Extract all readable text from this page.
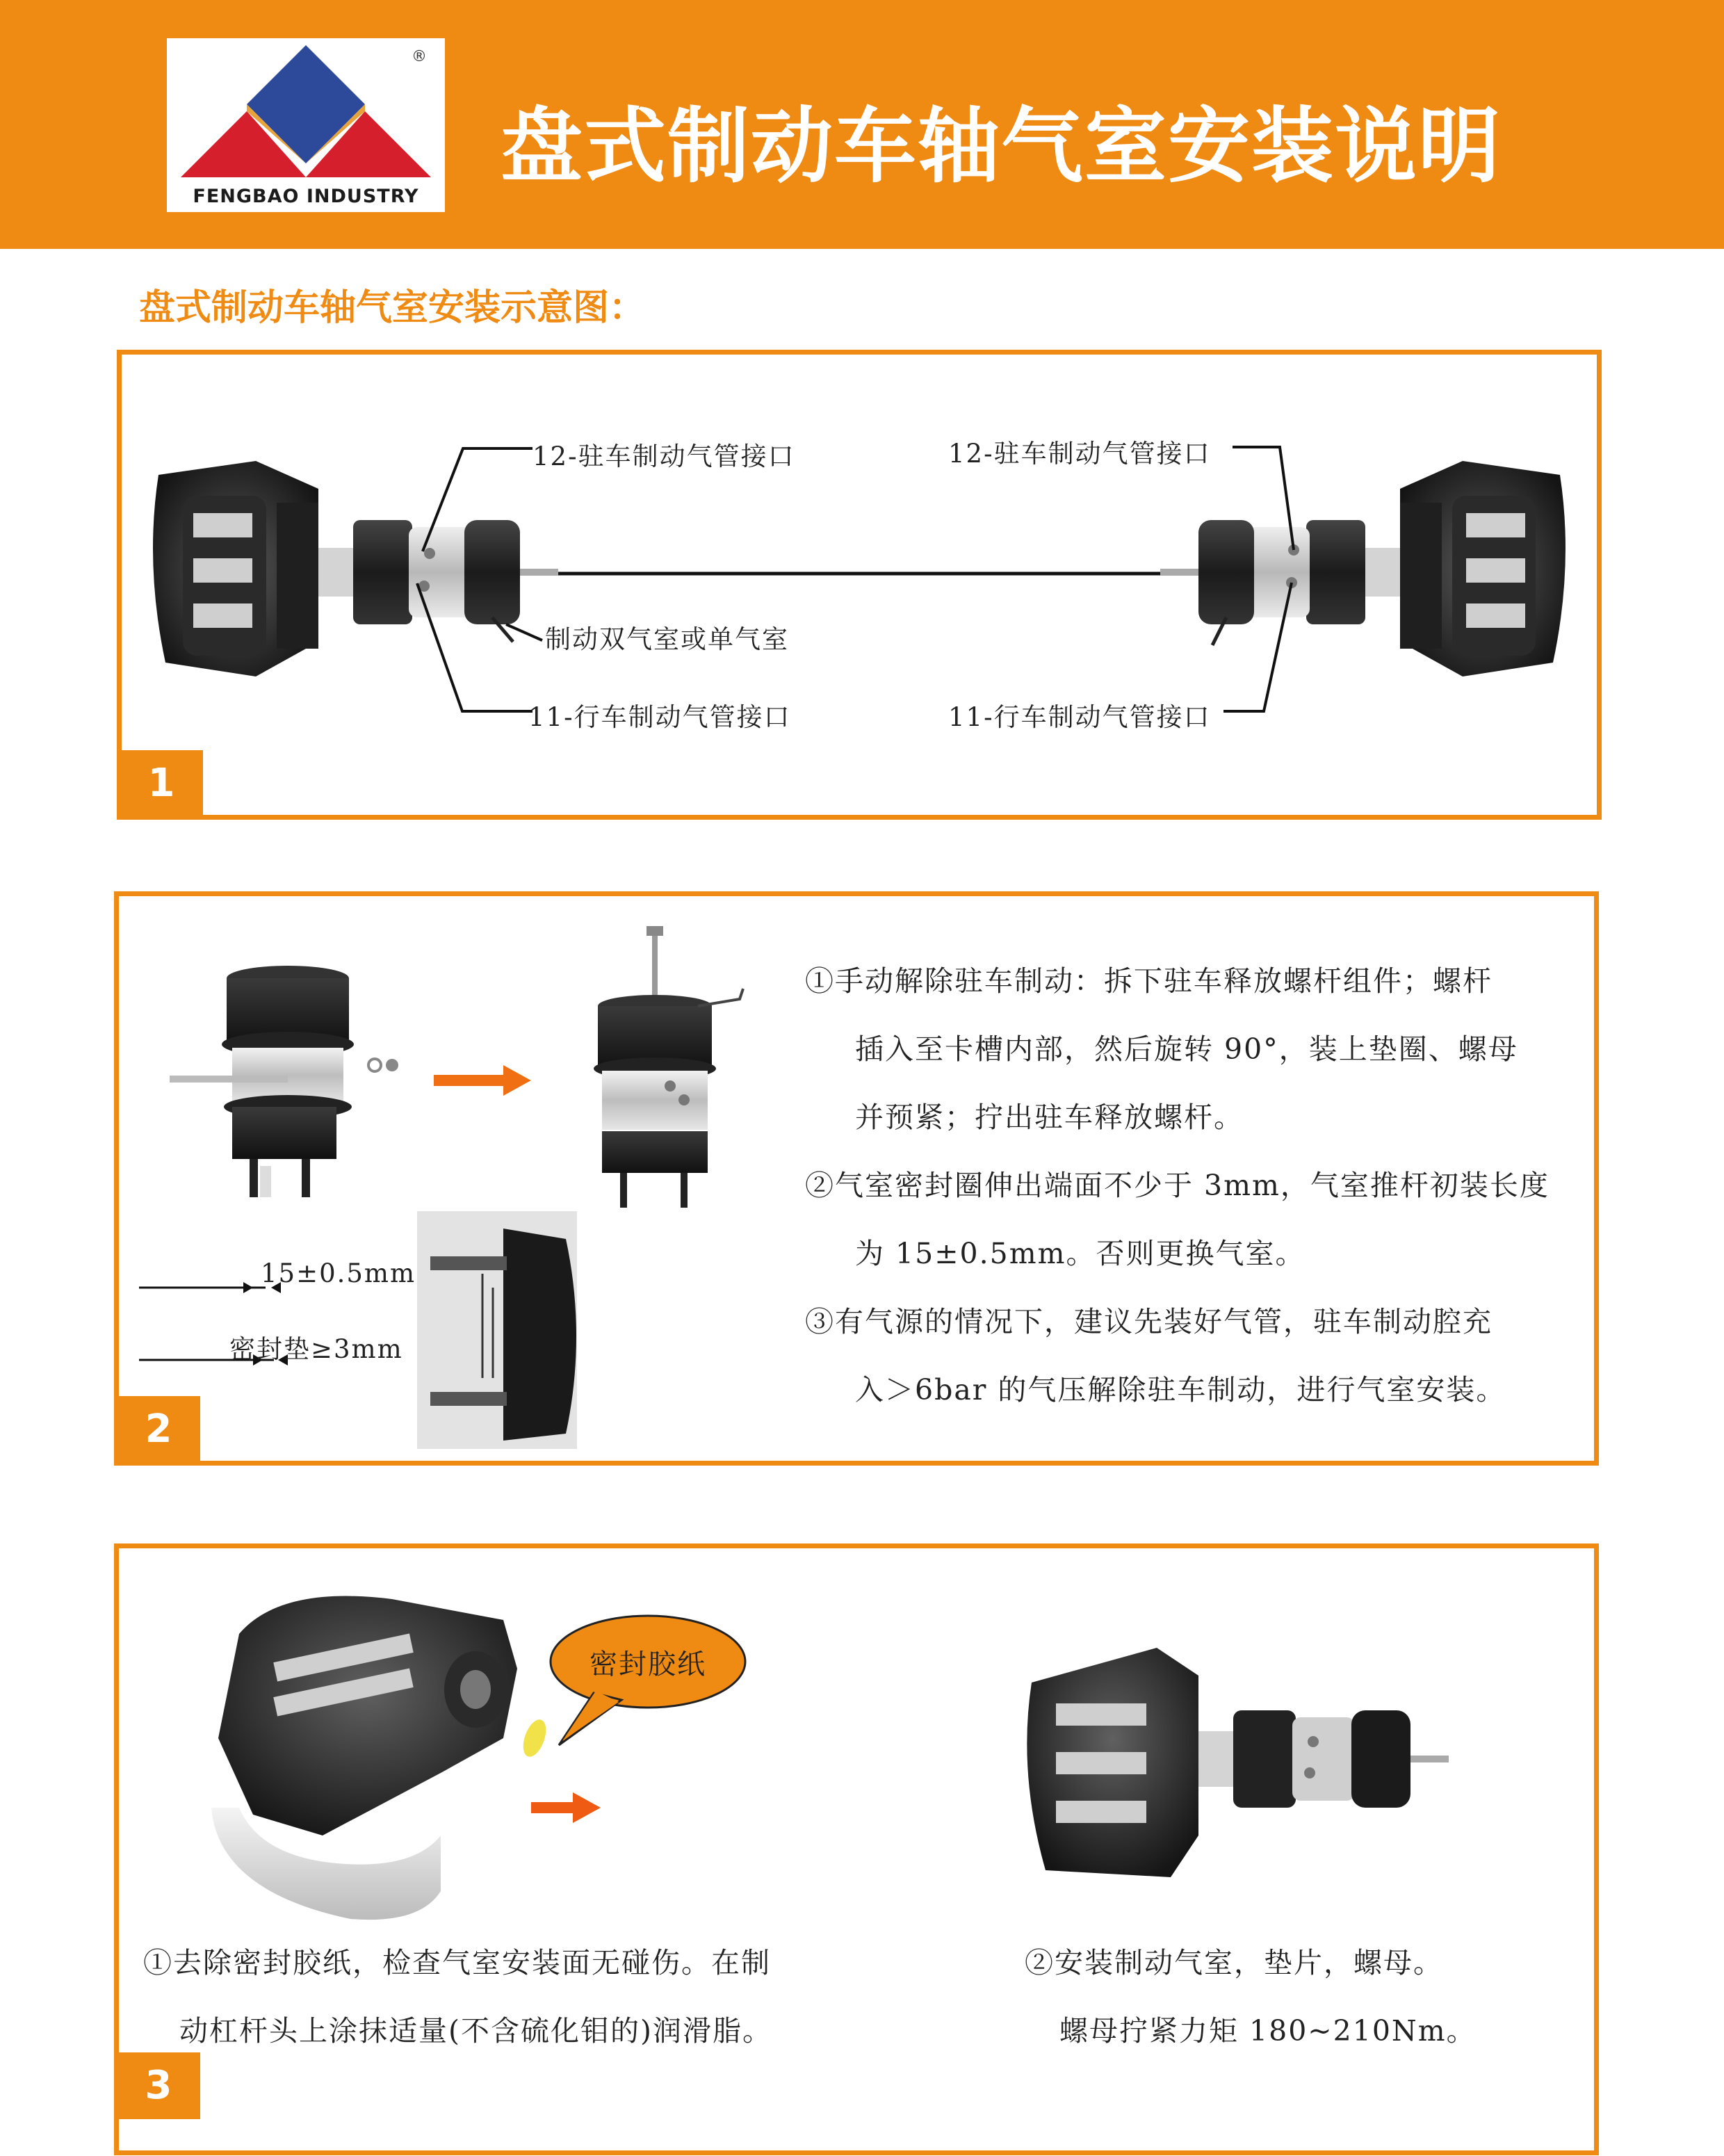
®
FENGBAO INDUSTRY
盘式制动车轴气室安装说明
盘式制动车轴气室安装示意图：
12-驻车制动气管接口
制动双气室或单气室
11-行车制动气管接口
12-驻车制动气管接口
11-行车制动气管接口
1
15±0.5mm
密封垫≥3mm
①手动解除驻车制动：拆下驻车释放螺杆组件；螺杆
插入至卡槽内部，然后旋转 90°，装上垫圈、螺母
并预紧；拧出驻车释放螺杆。
②气室密封圈伸出端面不少于 3mm，气室推杆初装长度
为 15±0.5mm。否则更换气室。
③有气源的情况下，建议先装好气管，驻车制动腔充
入＞6bar 的气压解除驻车制动，进行气室安装。
2
密封胶纸
①去除密封胶纸，检查气室安装面无碰伤。在制
动杠杆头上涂抹适量(不含硫化钼的)润滑脂。
②安装制动气室，垫片，螺母。
螺母拧紧力矩 180~210Nm。
3
